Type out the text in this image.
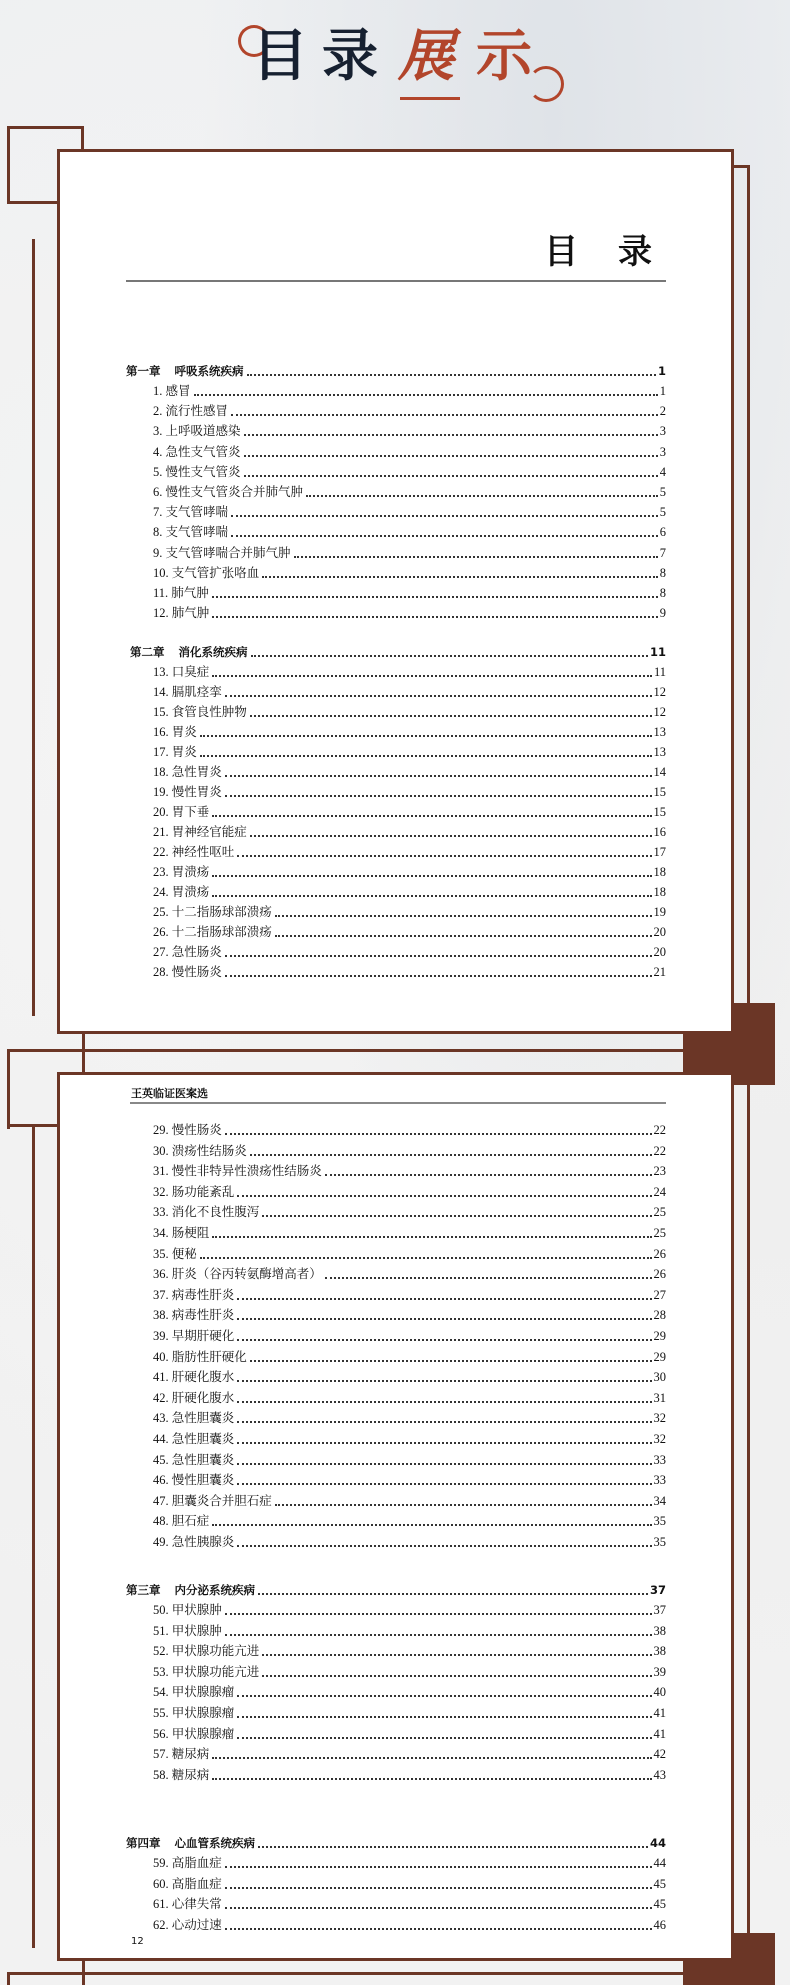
目 录 展 示
目 录
第一章 呼吸系统疾病	1
1. 感冒	1
2. 流行性感冒	2
3. 上呼吸道感染	3
4. 急性支气管炎	3
5. 慢性支气管炎	4
6. 慢性支气管炎合并肺气肿	5
7. 支气管哮喘	5
8. 支气管哮喘	6
9. 支气管哮喘合并肺气肿	7
10. 支气管扩张咯血	8
11. 肺气肿	8
12. 肺气肿	9
第二章 消化系统疾病	11
13. 口臭症	11
14. 膈肌痉挛	12
15. 食管良性肿物	12
16. 胃炎	13
17. 胃炎	13
18. 急性胃炎	14
19. 慢性胃炎	15
20. 胃下垂	15
21. 胃神经官能症	16
22. 神经性呕吐	17
23. 胃溃疡	18
24. 胃溃疡	18
25. 十二指肠球部溃疡	19
26. 十二指肠球部溃疡	20
27. 急性肠炎	20
28. 慢性肠炎	21
王英临证医案选
29. 慢性肠炎	22
30. 溃疡性结肠炎	22
31. 慢性非特异性溃疡性结肠炎	23
32. 肠功能紊乱	24
33. 消化不良性腹泻	25
34. 肠梗阻	25
35. 便秘	26
36. 肝炎（谷丙转氨酶增高者）	26
37. 病毒性肝炎	27
38. 病毒性肝炎	28
39. 早期肝硬化	29
40. 脂肪性肝硬化	29
41. 肝硬化腹水	30
42. 肝硬化腹水	31
43. 急性胆囊炎	32
44. 急性胆囊炎	32
45. 急性胆囊炎	33
46. 慢性胆囊炎	33
47. 胆囊炎合并胆石症	34
48. 胆石症	35
49. 急性胰腺炎	35
第三章 内分泌系统疾病	37
50. 甲状腺肿	37
51. 甲状腺肿	38
52. 甲状腺功能亢进	38
53. 甲状腺功能亢进	39
54. 甲状腺腺瘤	40
55. 甲状腺腺瘤	41
56. 甲状腺腺瘤	41
57. 糖尿病	42
58. 糖尿病	43
第四章 心血管系统疾病	44
59. 高脂血症	44
60. 高脂血症	45
61. 心律失常	45
62. 心动过速	46
12
